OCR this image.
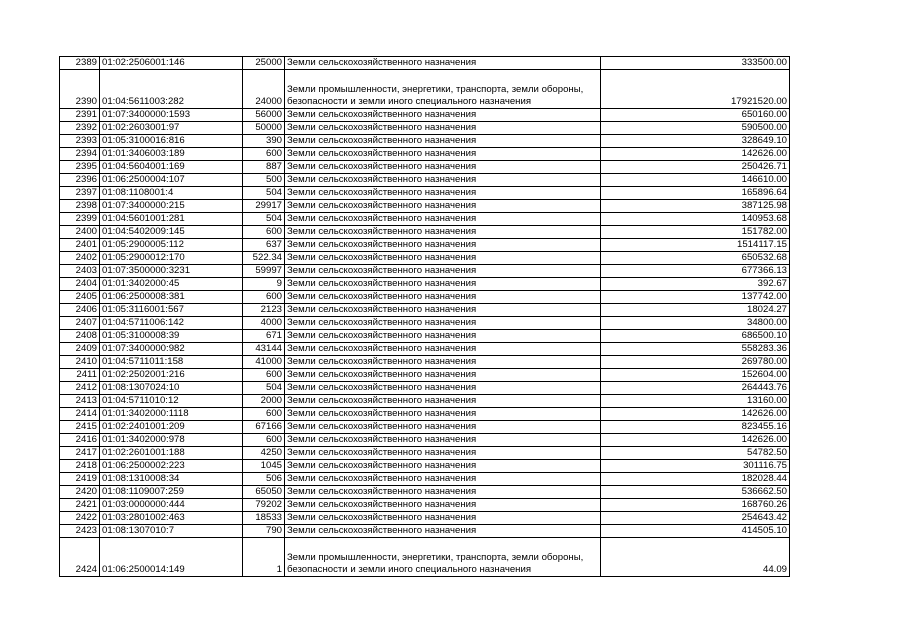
2389	01:02:2506001:146	25000	Земли сельскохозяйственного назначения	333500.00
2390	01:04:5611003:282	24000	Земли промышленности, энергетики, транспорта, земли обороны, безопасности и земли иного специального назначения	17921520.00
2391	01:07:3400000:1593	56000	Земли сельскохозяйственного назначения	650160.00
2392	01:02:2603001:97	50000	Земли сельскохозяйственного назначения	590500.00
2393	01:05:3100016:816	390	Земли сельскохозяйственного назначения	328649.10
2394	01:01:3406003:189	600	Земли сельскохозяйственного назначения	142626.00
2395	01:04:5604001:169	887	Земли сельскохозяйственного назначения	250426.71
2396	01:06:2500004:107	500	Земли сельскохозяйственного назначения	146610.00
2397	01:08:1108001:4	504	Земли сельскохозяйственного назначения	165896.64
2398	01:07:3400000:215	29917	Земли сельскохозяйственного назначения	387125.98
2399	01:04:5601001:281	504	Земли сельскохозяйственного назначения	140953.68
2400	01:04:5402009:145	600	Земли сельскохозяйственного назначения	151782.00
2401	01:05:2900005:112	637	Земли сельскохозяйственного назначения	1514117.15
2402	01:05:2900012:170	522.34	Земли сельскохозяйственного назначения	650532.68
2403	01:07:3500000:3231	59997	Земли сельскохозяйственного назначения	677366.13
2404	01:01:3402000:45	9	Земли сельскохозяйственного назначения	392.67
2405	01:06:2500008:381	600	Земли сельскохозяйственного назначения	137742.00
2406	01:05:3116001:567	2123	Земли сельскохозяйственного назначения	18024.27
2407	01:04:5711006:142	4000	Земли сельскохозяйственного назначения	34800.00
2408	01:05:3100008:39	671	Земли сельскохозяйственного назначения	686500.10
2409	01:07:3400000:982	43144	Земли сельскохозяйственного назначения	558283.36
2410	01:04:5711011:158	41000	Земли сельскохозяйственного назначения	269780.00
2411	01:02:2502001:216	600	Земли сельскохозяйственного назначения	152604.00
2412	01:08:1307024:10	504	Земли сельскохозяйственного назначения	264443.76
2413	01:04:5711010:12	2000	Земли сельскохозяйственного назначения	13160.00
2414	01:01:3402000:1118	600	Земли сельскохозяйственного назначения	142626.00
2415	01:02:2401001:209	67166	Земли сельскохозяйственного назначения	823455.16
2416	01:01:3402000:978	600	Земли сельскохозяйственного назначения	142626.00
2417	01:02:2601001:188	4250	Земли сельскохозяйственного назначения	54782.50
2418	01:06:2500002:223	1045	Земли сельскохозяйственного назначения	301116.75
2419	01:08:1310008:34	506	Земли сельскохозяйственного назначения	182028.44
2420	01:08:1109007:259	65050	Земли сельскохозяйственного назначения	536662.50
2421	01:03:0000000:444	79202	Земли сельскохозяйственного назначения	168760.26
2422	01:03:2801002:463	18533	Земли сельскохозяйственного назначения	254643.42
2423	01:08:1307010:7	790	Земли сельскохозяйственного назначения	414505.10
2424	01:06:2500014:149	1	Земли промышленности, энергетики, транспорта, земли обороны, безопасности и земли иного специального назначения	44.09
